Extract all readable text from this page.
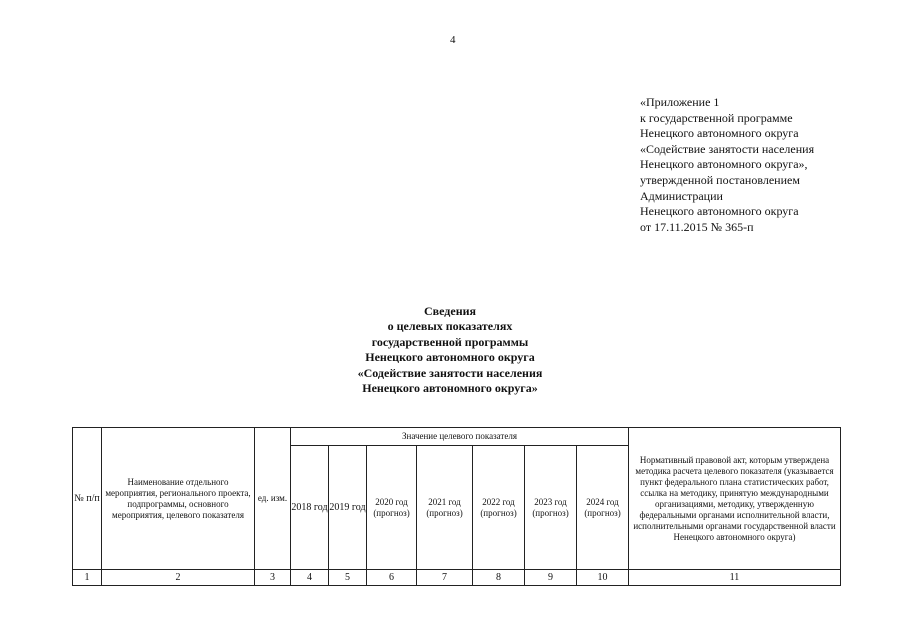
4
«Приложение 1
к государственной программе
Ненецкого автономного округа
«Содействие занятости населения
Ненецкого автономного округа»,
утвержденной постановлением
Администрации
Ненецкого автономного округа
от 17.11.2015 № 365-п
Сведения
о целевых показателях
государственной программы
Ненецкого автономного округа
«Содействие занятости населения
Ненецкого автономного округа»
№ п/п	Наименование отдельного мероприятия, регионального проекта, подпрограммы, основного мероприятия, целевого показателя	ед. изм.	Значение целевого показателя							Нормативный правовой акт, которым утверждена методика расчета целевого показателя (указывается пункт федерального плана статистических работ, ссылка на методику, принятую международными организациями, методику, утвержденную федеральными органами исполнительной власти, исполнительными органами государственной власти Ненецкого автономного округа)
			2018 год	2019 год	2020 год (прогноз)	2021 год (прогноз)	2022 год (прогноз)	2023 год (прогноз)	2024 год (прогноз)	
1	2	3	4	5	6	7	8	9	10	11
